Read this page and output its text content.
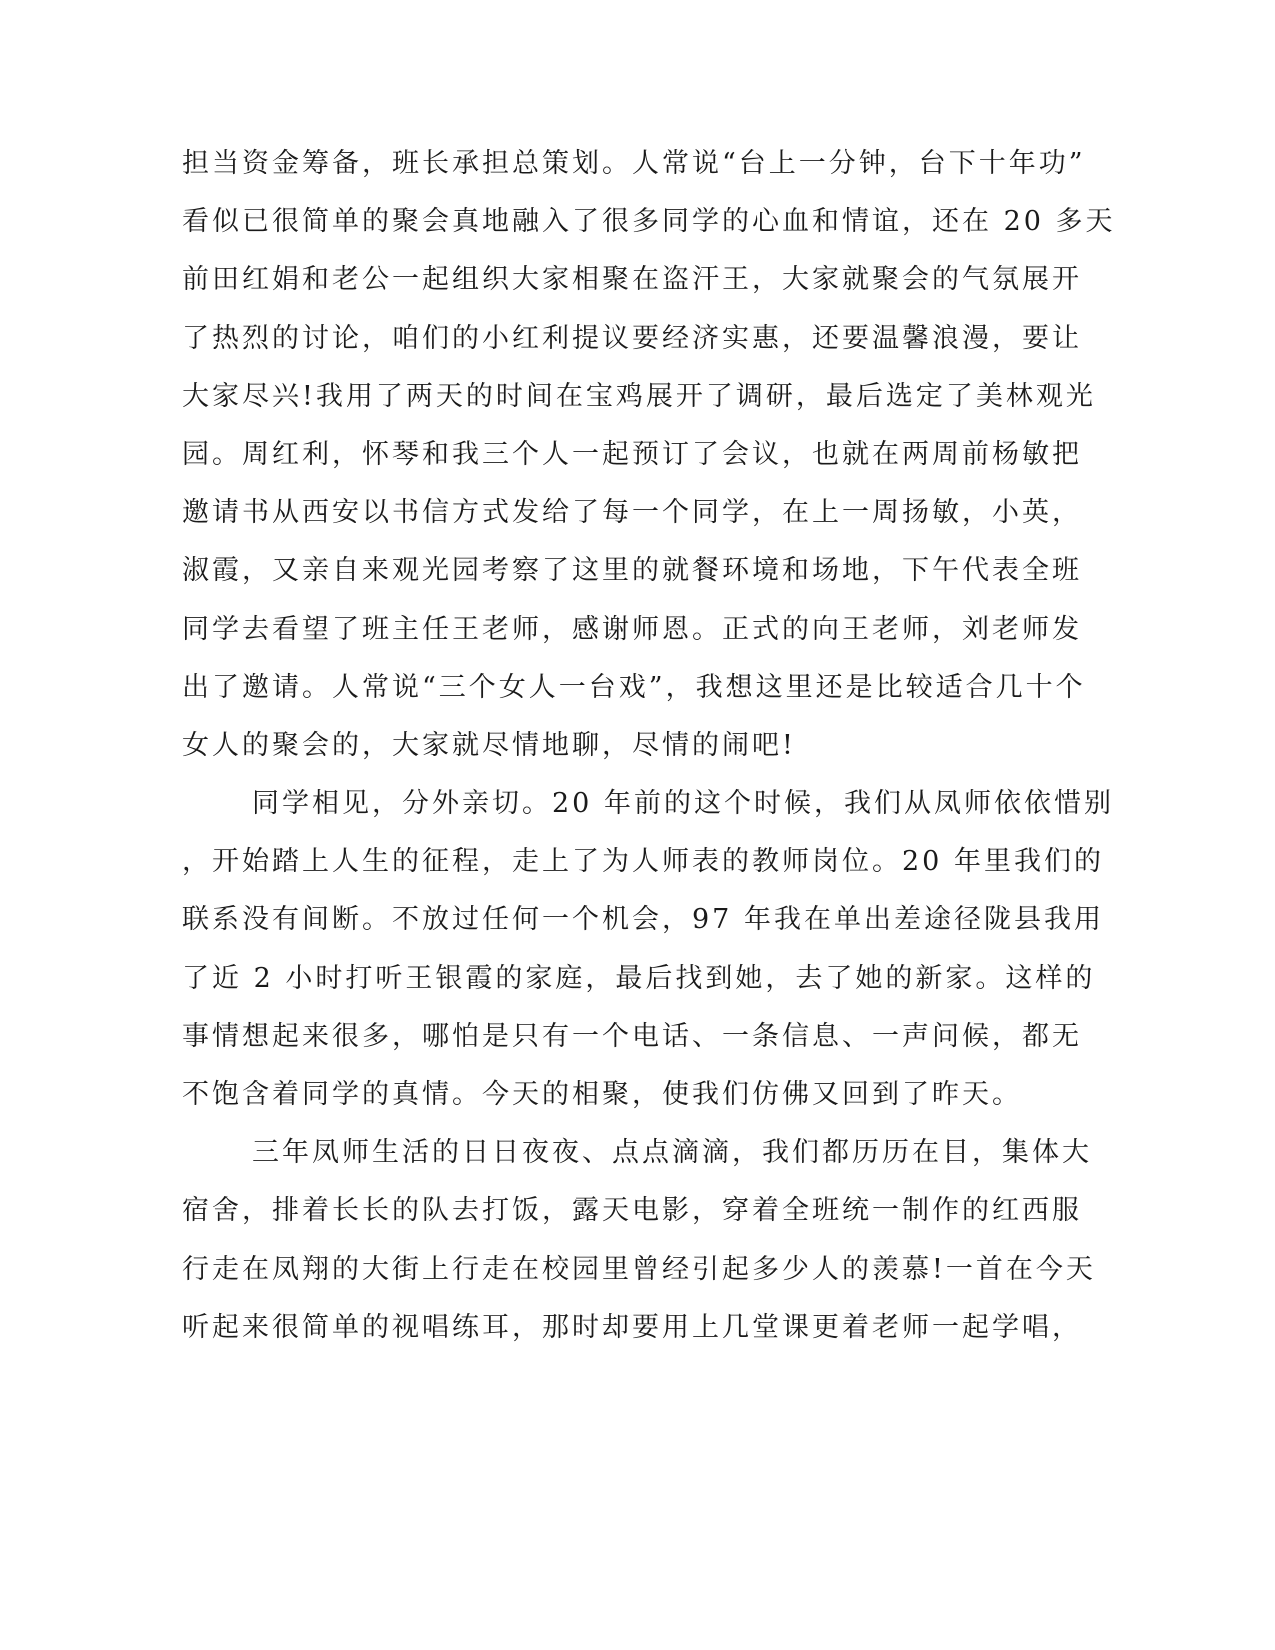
担当资金筹备，班长承担总策划。人常说“台上一分钟，台下十年功”
看似已很简单的聚会真地融入了很多同学的心血和情谊，还在 20 多天
前田红娟和老公一起组织大家相聚在盗汗王，大家就聚会的气氛展开
了热烈的讨论，咱们的小红利提议要经济实惠，还要温馨浪漫，要让
大家尽兴!我用了两天的时间在宝鸡展开了调研，最后选定了美林观光
园。周红利，怀琴和我三个人一起预订了会议，也就在两周前杨敏把
邀请书从西安以书信方式发给了每一个同学，在上一周扬敏，小英，
淑霞，又亲自来观光园考察了这里的就餐环境和场地，下午代表全班
同学去看望了班主任王老师，感谢师恩。正式的向王老师，刘老师发
出了邀请。人常说“三个女人一台戏”，我想这里还是比较适合几十个
女人的聚会的，大家就尽情地聊，尽情的闹吧!
同学相见，分外亲切。20 年前的这个时候，我们从凤师依依惜别
，开始踏上人生的征程，走上了为人师表的教师岗位。20 年里我们的
联系没有间断。不放过任何一个机会，97 年我在单出差途径陇县我用
了近 2 小时打听王银霞的家庭，最后找到她，去了她的新家。这样的
事情想起来很多，哪怕是只有一个电话、一条信息、一声问候，都无
不饱含着同学的真情。今天的相聚，使我们仿佛又回到了昨天。
三年凤师生活的日日夜夜、点点滴滴，我们都历历在目，集体大
宿舍，排着长长的队去打饭，露天电影，穿着全班统一制作的红西服
行走在凤翔的大街上行走在校园里曾经引起多少人的羡慕!一首在今天
听起来很简单的视唱练耳，那时却要用上几堂课更着老师一起学唱，
